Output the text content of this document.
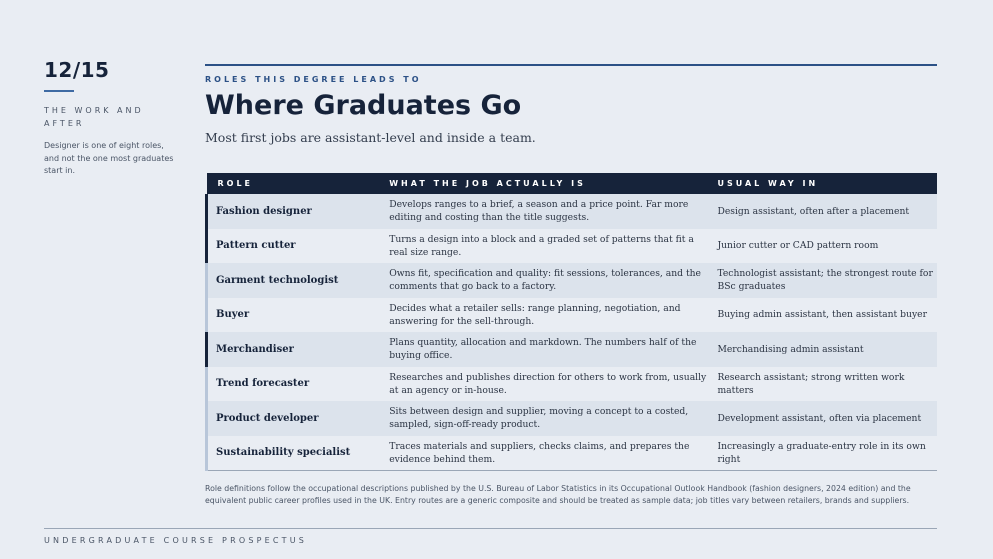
12/15
THE WORK AND AFTER
Designer is one of eight roles, and not the one most graduates start in.
ROLES THIS DEGREE LEADS TO
Where Graduates Go
Most first jobs are assistant-level and inside a team.
ROLE	WHAT THE JOB ACTUALLY IS	USUAL WAY IN
Fashion designer	Develops ranges to a brief, a season and a price point. Far more editing and costing than the title suggests.	Design assistant, often after a placement
Pattern cutter	Turns a design into a block and a graded set of patterns that fit a real size range.	Junior cutter or CAD pattern room
Garment technologist	Owns fit, specification and quality: fit sessions, tolerances, and the comments that go back to a factory.	Technologist assistant; the strongest route for BSc graduates
Buyer	Decides what a retailer sells: range planning, negotiation, and answering for the sell-through.	Buying admin assistant, then assistant buyer
Merchandiser	Plans quantity, allocation and markdown. The numbers half of the buying office.	Merchandising admin assistant
Trend forecaster	Researches and publishes direction for others to work from, usually at an agency or in-house.	Research assistant; strong written work matters
Product developer	Sits between design and supplier, moving a concept to a costed, sampled, sign-off-ready product.	Development assistant, often via placement
Sustainability specialist	Traces materials and suppliers, checks claims, and prepares the evidence behind them.	Increasingly a graduate-entry role in its own right
Role definitions follow the occupational descriptions published by the U.S. Bureau of Labor Statistics in its Occupational Outlook Handbook (fashion designers, 2024 edition) and the equivalent public career profiles used in the UK. Entry routes are a generic composite and should be treated as sample data; job titles vary between retailers, brands and suppliers.
UNDERGRADUATE COURSE PROSPECTUS
